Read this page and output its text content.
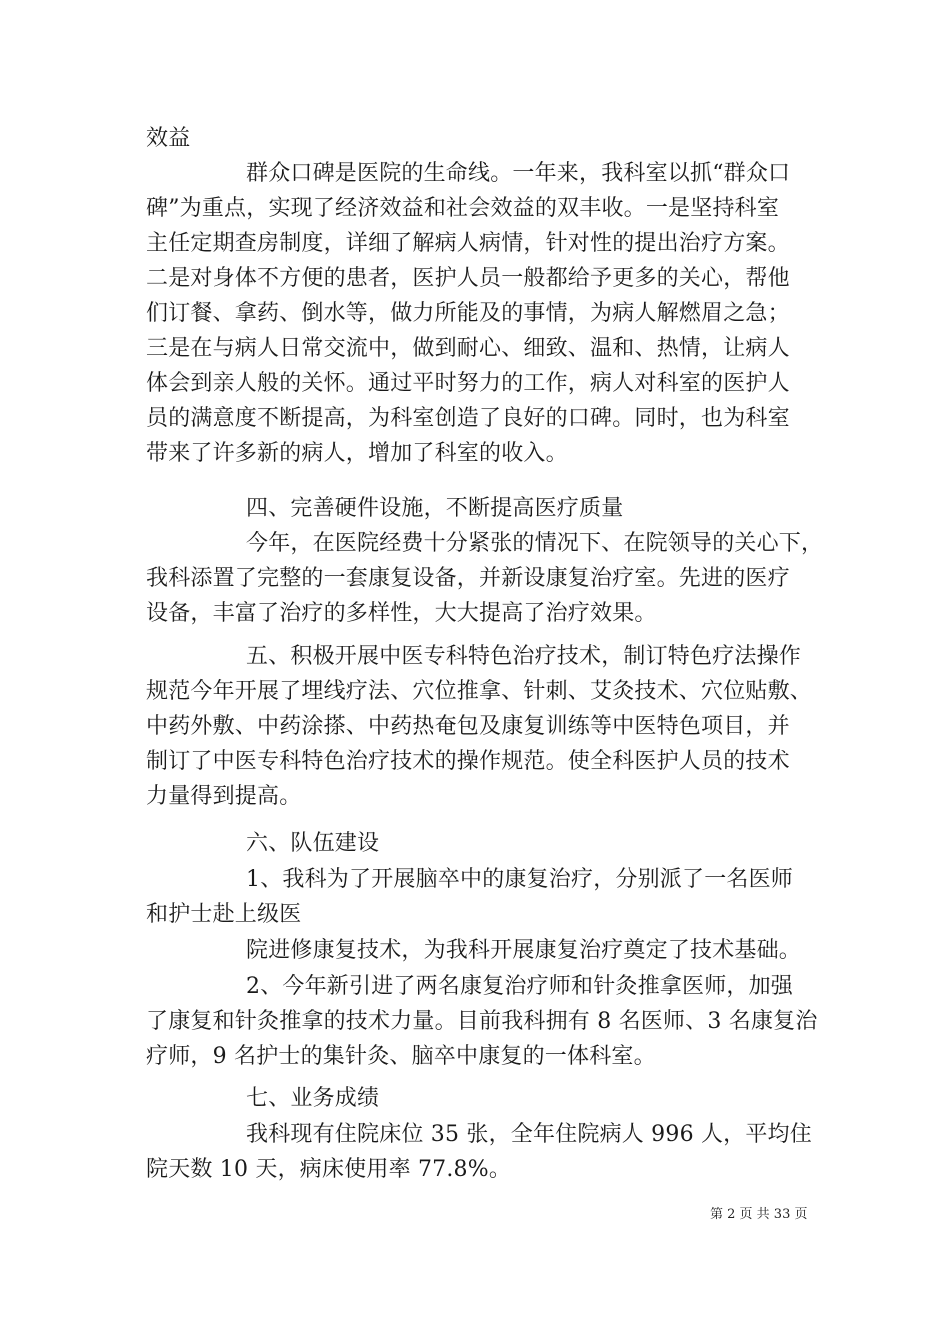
效益
群众口碑是医院的生命线。一年来，我科室以抓“群众口
碑”为重点，实现了经济效益和社会效益的双丰收。一是坚持科室
主任定期查房制度，详细了解病人病情，针对性的提出治疗方案。
二是对身体不方便的患者，医护人员一般都给予更多的关心，帮他
们订餐、拿药、倒水等，做力所能及的事情，为病人解燃眉之急；
三是在与病人日常交流中，做到耐心、细致、温和、热情，让病人
体会到亲人般的关怀。通过平时努力的工作，病人对科室的医护人
员的满意度不断提高，为科室创造了良好的口碑。同时，也为科室
带来了许多新的病人，增加了科室的收入。
四、完善硬件设施，不断提高医疗质量
今年，在医院经费十分紧张的情况下、在院领导的关心下，
我科添置了完整的一套康复设备，并新设康复治疗室。先进的医疗
设备，丰富了治疗的多样性，大大提高了治疗效果。
五、积极开展中医专科特色治疗技术，制订特色疗法操作
规范今年开展了埋线疗法、穴位推拿、针刺、艾灸技术、穴位贴敷、
中药外敷、中药涂搽、中药热奄包及康复训练等中医特色项目，并
制订了中医专科特色治疗技术的操作规范。使全科医护人员的技术
力量得到提高。
六、队伍建设
1、我科为了开展脑卒中的康复治疗，分别派了一名医师
和护士赴上级医
院进修康复技术，为我科开展康复治疗奠定了技术基础。
2、今年新引进了两名康复治疗师和针灸推拿医师，加强
了康复和针灸推拿的技术力量。目前我科拥有 8 名医师、3 名康复治
疗师，9 名护士的集针灸、脑卒中康复的一体科室。
七、业务成绩
我科现有住院床位 35 张，全年住院病人 996 人，平均住
院天数 10 天，病床使用率 77.8%。
第 2 页 共 33 页
